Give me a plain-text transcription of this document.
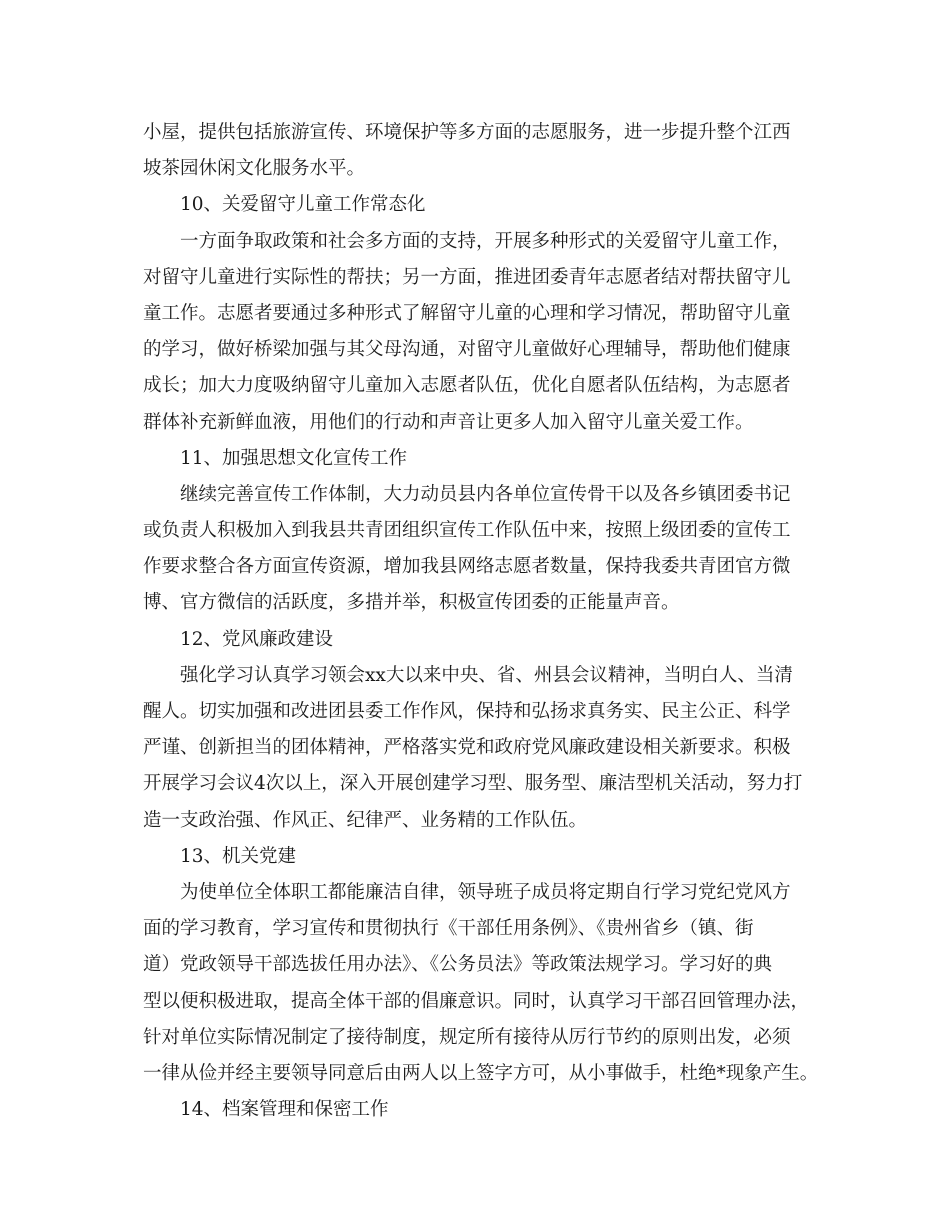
小屋，提供包括旅游宣传、环境保护等多方面的志愿服务，进一步提升整个江西
坡茶园休闲文化服务水平。
10、关爱留守儿童工作常态化
一方面争取政策和社会多方面的支持，开展多种形式的关爱留守儿童工作，
对留守儿童进行实际性的帮扶；另一方面，推进团委青年志愿者结对帮扶留守儿
童工作。志愿者要通过多种形式了解留守儿童的心理和学习情况，帮助留守儿童
的学习，做好桥梁加强与其父母沟通，对留守儿童做好心理辅导，帮助他们健康
成长；加大力度吸纳留守儿童加入志愿者队伍，优化自愿者队伍结构，为志愿者
群体补充新鲜血液，用他们的行动和声音让更多人加入留守儿童关爱工作。
11、加强思想文化宣传工作
继续完善宣传工作体制，大力动员县内各单位宣传骨干以及各乡镇团委书记
或负责人积极加入到我县共青团组织宣传工作队伍中来，按照上级团委的宣传工
作要求整合各方面宣传资源，增加我县网络志愿者数量，保持我委共青团官方微
博、官方微信的活跃度，多措并举，积极宣传团委的正能量声音。
12、党风廉政建设
强化学习认真学习领会xx大以来中央、省、州县会议精神，当明白人、当清
醒人。切实加强和改进团县委工作作风，保持和弘扬求真务实、民主公正、科学
严谨、创新担当的团体精神，严格落实党和政府党风廉政建设相关新要求。积极
开展学习会议4次以上，深入开展创建学习型、服务型、廉洁型机关活动，努力打
造一支政治强、作风正、纪律严、业务精的工作队伍。
13、机关党建
为使单位全体职工都能廉洁自律，领导班子成员将定期自行学习党纪党风方
面的学习教育，学习宣传和贯彻执行《干部任用条例》、《贵州省乡（镇、街
道）党政领导干部选拔任用办法》、《公务员法》等政策法规学习。学习好的典
型以便积极进取，提高全体干部的倡廉意识。同时，认真学习干部召回管理办法，
针对单位实际情况制定了接待制度，规定所有接待从厉行节约的原则出发，必须
一律从俭并经主要领导同意后由两人以上签字方可，从小事做手，杜绝*现象产生。
14、档案管理和保密工作
